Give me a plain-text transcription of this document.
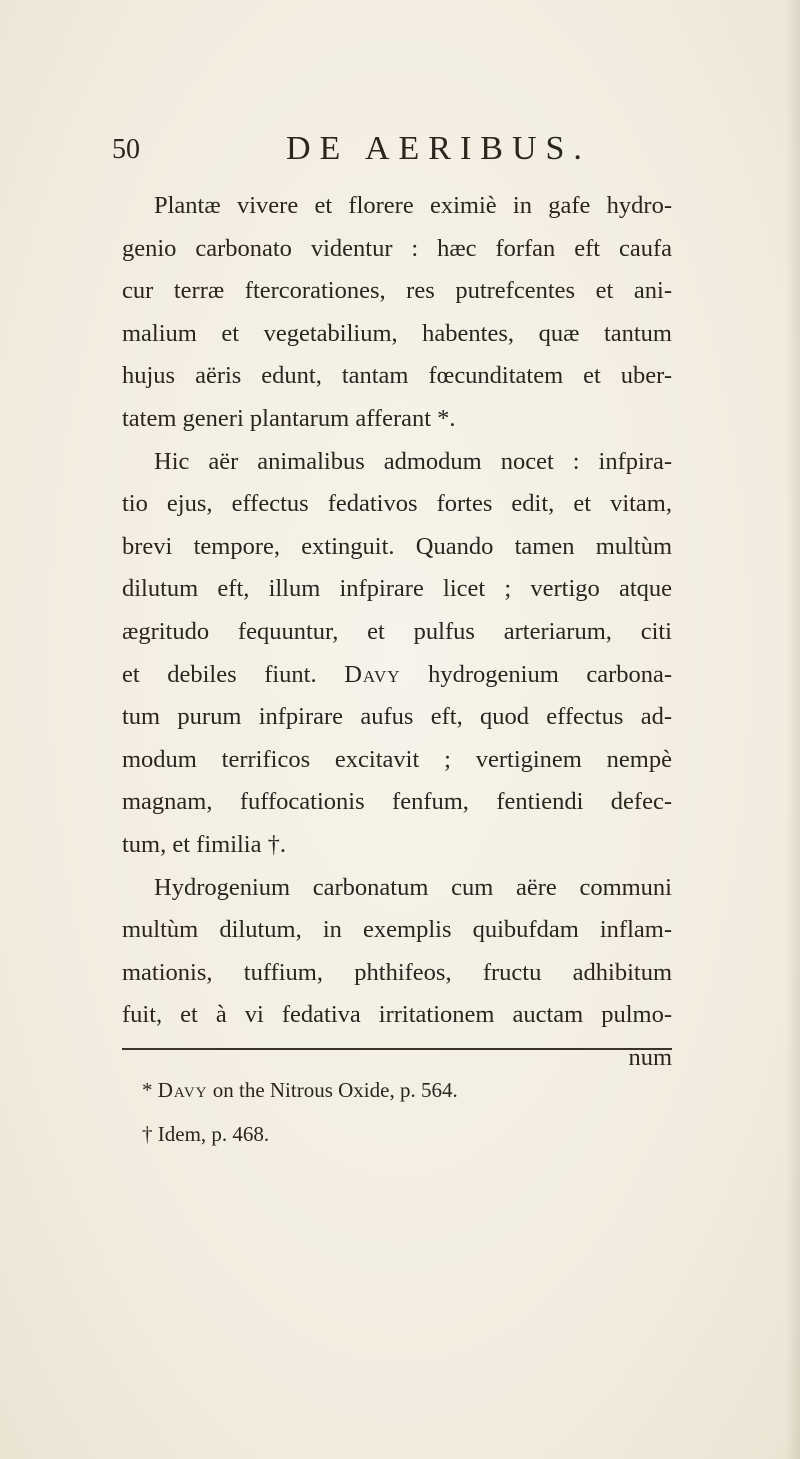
50	DE AERIBUS.
Plantæ vivere et florere eximiè in gafe hydro-
genio carbonato videntur : hæc forfan eft caufa
cur terræ ftercorationes, res putrefcentes et ani-
malium et vegetabilium, habentes, quæ tantum
hujus aëris edunt, tantam fœcunditatem et uber-
tatem generi plantarum afferant *.
Hic aër animalibus admodum nocet : infpira-
tio ejus, effectus fedativos fortes edit, et vitam,
brevi tempore, extinguit. Quando tamen multùm
dilutum eft, illum infpirare licet ; vertigo atque
ægritudo fequuntur, et pulfus arteriarum, citi
et debiles fiunt. Davy hydrogenium carbona-
tum purum infpirare aufus eft, quod effectus ad-
modum terrificos excitavit ; vertiginem nempè
magnam, fuffocationis fenfum, fentiendi defec-
tum, et fimilia †.
Hydrogenium carbonatum cum aëre communi
multùm dilutum, in exemplis quibufdam inflam-
mationis, tuffium, phthifeos, fructu adhibitum
fuit, et à vi fedativa irritationem auctam pulmo-
num
* Davy on the Nitrous Oxide, p. 564.
† Idem, p. 468.
